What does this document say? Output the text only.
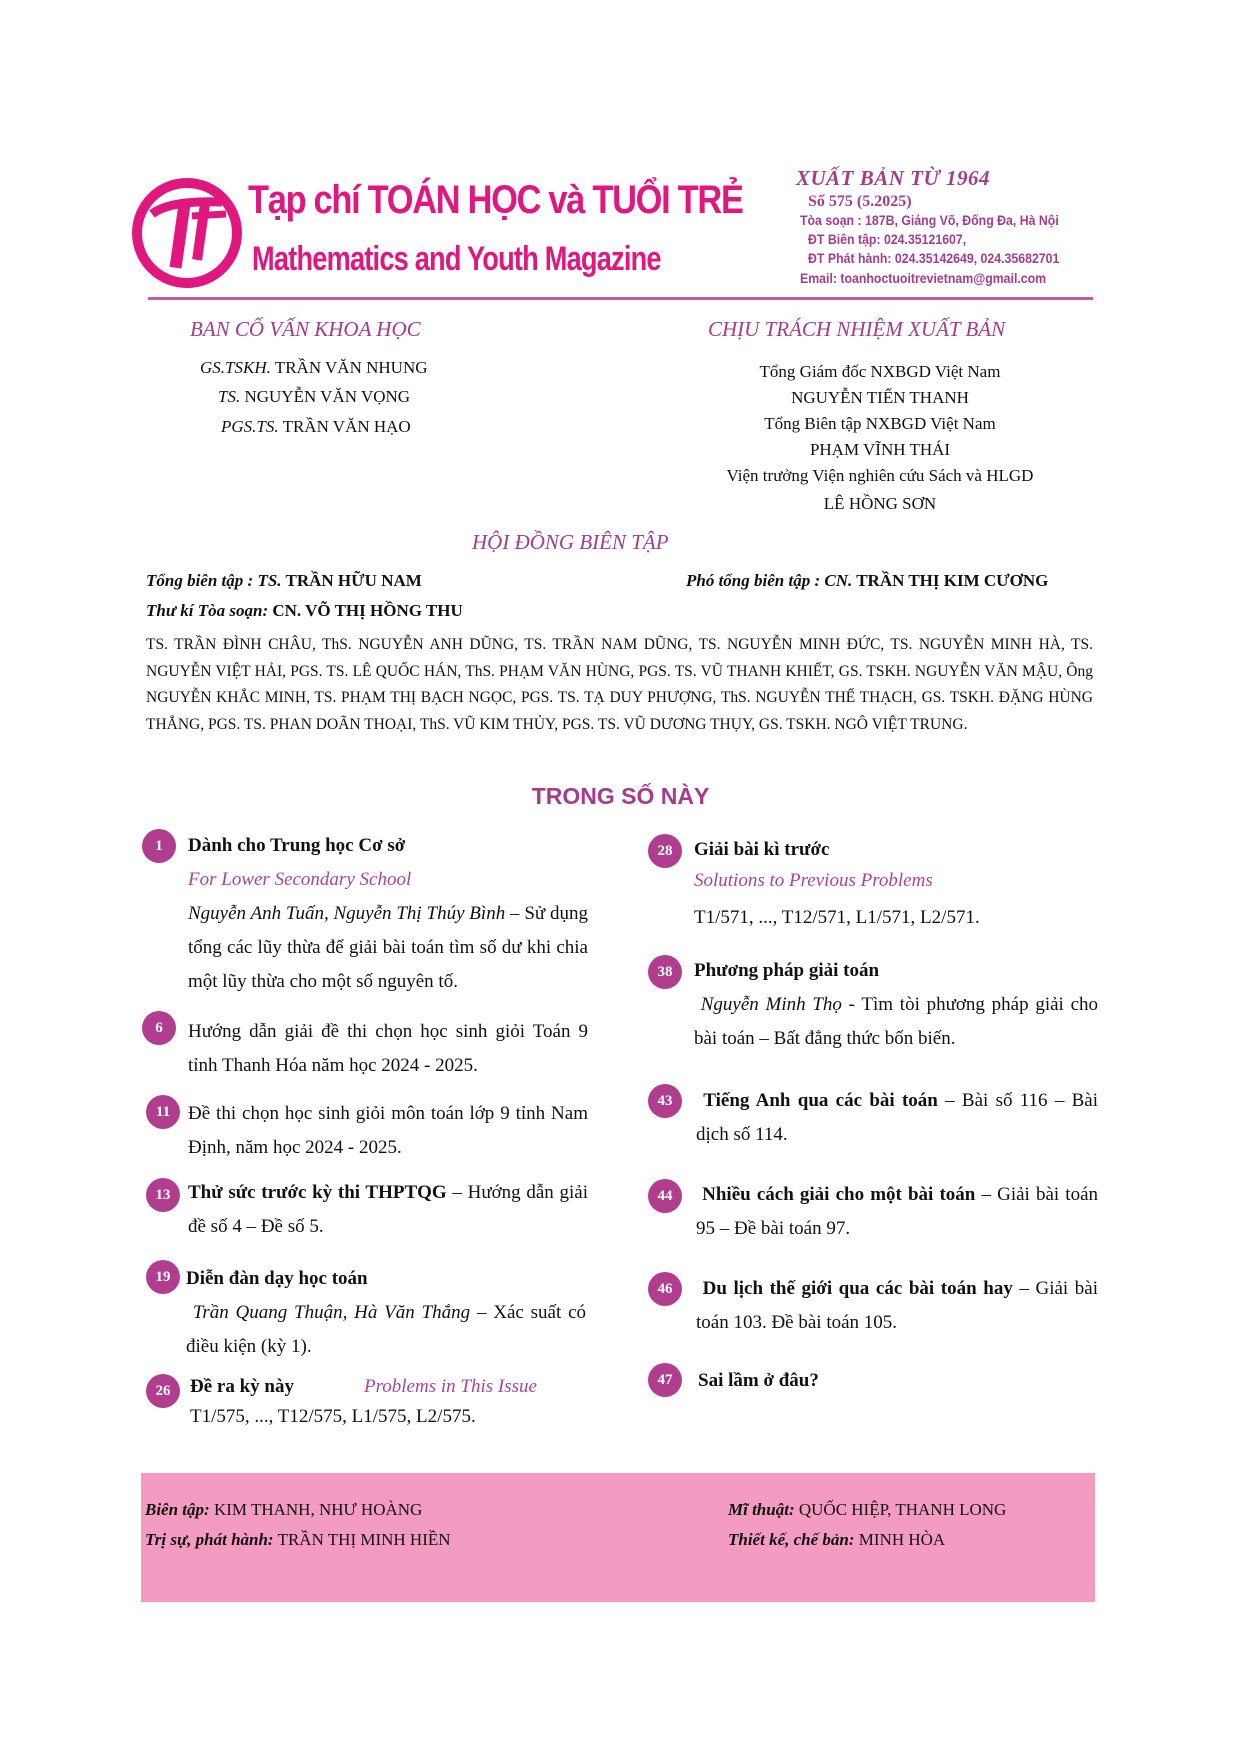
Tạp chí TOÁN HỌC và TUỔI TRẺ
Mathematics and Youth Magazine
XUẤT BẢN TỪ 1964
Số 575 (5.2025)
Tòa soạn : 187B, Giảng Võ, Đống Đa, Hà Nội
ĐT Biên tập: 024.35121607,
ĐT Phát hành: 024.35142649, 024.35682701
Email: toanhoctuoitrevietnam@gmail.com
BAN CỐ VẤN KHOA HỌC
GS.TSKH. TRẦN VĂN NHUNG
TS. NGUYỄN VĂN VỌNG
PGS.TS. TRẦN VĂN HẠO
CHỊU TRÁCH NHIỆM XUẤT BẢN
Tổng Giám đốc NXBGD Việt Nam
NGUYỄN TIẾN THANH
Tổng Biên tập NXBGD Việt Nam
PHẠM VĨNH THÁI
Viện trưởng Viện nghiên cứu Sách và HLGD
LÊ HỒNG SƠN
HỘI ĐỒNG BIÊN TẬP
Tổng biên tập : TS. TRẦN HỮU NAM	Phó tổng biên tập : CN. TRẦN THỊ KIM CƯƠNG
Thư kí Tòa soạn: CN. VÕ THỊ HỒNG THU
TS. TRẦN ĐÌNH CHÂU, ThS. NGUYỄN ANH DŨNG, TS. TRẦN NAM DŨNG, TS. NGUYỄN MINH ĐỨC, TS. NGUYỄN MINH HÀ, TS. NGUYỄN VIỆT HẢI, PGS. TS. LÊ QUỐC HÁN, ThS. PHẠM VĂN HÙNG, PGS. TS. VŨ THANH KHIẾT, GS. TSKH. NGUYỄN VĂN MẬU, Ông NGUYỄN KHẮC MINH, TS. PHẠM THỊ BẠCH NGỌC, PGS. TS. TẠ DUY PHƯỢNG, ThS. NGUYỄN THẾ THẠCH, GS. TSKH. ĐẶNG HÙNG THẮNG, PGS. TS. PHAN DOÃN THOẠI, ThS. VŨ KIM THỦY, PGS. TS. VŨ DƯƠNG THỤY, GS. TSKH. NGÔ VIỆT TRUNG.
TRONG SỐ NÀY
1	Dành cho Trung học Cơ sở
For Lower Secondary School
Nguyễn Anh Tuấn, Nguyễn Thị Thúy Bình – Sử dụng tổng các lũy thừa để giải bài toán tìm số dư khi chia một lũy thừa cho một số nguyên tố.
6	Hướng dẫn giải đề thi chọn học sinh giỏi Toán 9 tỉnh Thanh Hóa năm học 2024 - 2025.
11 Đề thi chọn học sinh giỏi môn toán lớp 9 tỉnh Nam Định, năm học 2024 - 2025.
13 Thử sức trước kỳ thi THPTQG – Hướng dẫn giải đề số 4 – Đề số 5.
19 Diễn đàn dạy học toán
Trần Quang Thuận, Hà Văn Thắng – Xác suất có điều kiện (kỳ 1).
26	Đề ra kỳ này	Problems in This Issue
T1/575, ..., T12/575, L1/575, L2/575.
28	Giải bài kì trước
Solutions to Previous Problems
T1/571, ..., T12/571, L1/571, L2/571.
38	Phương pháp giải toán
Nguyễn Minh Thọ - Tìm tòi phương pháp giải cho bài toán – Bất đẳng thức bốn biến.
43	Tiếng Anh qua các bài toán – Bài số 116 – Bài dịch số 114.
44	Nhiều cách giải cho một bài toán – Giải bài toán 95 – Đề bài toán 97.
46	Du lịch thế giới qua các bài toán hay – Giải bài toán 103. Đề bài toán 105.
47	Sai lầm ở đâu?
Biên tập: KIM THANH, NHƯ HOÀNG
Trị sự, phát hành: TRẦN THỊ MINH HIỀN
Mĩ thuật: QUỐC HIỆP, THANH LONG
Thiết kế, chế bản: MINH HÒA
